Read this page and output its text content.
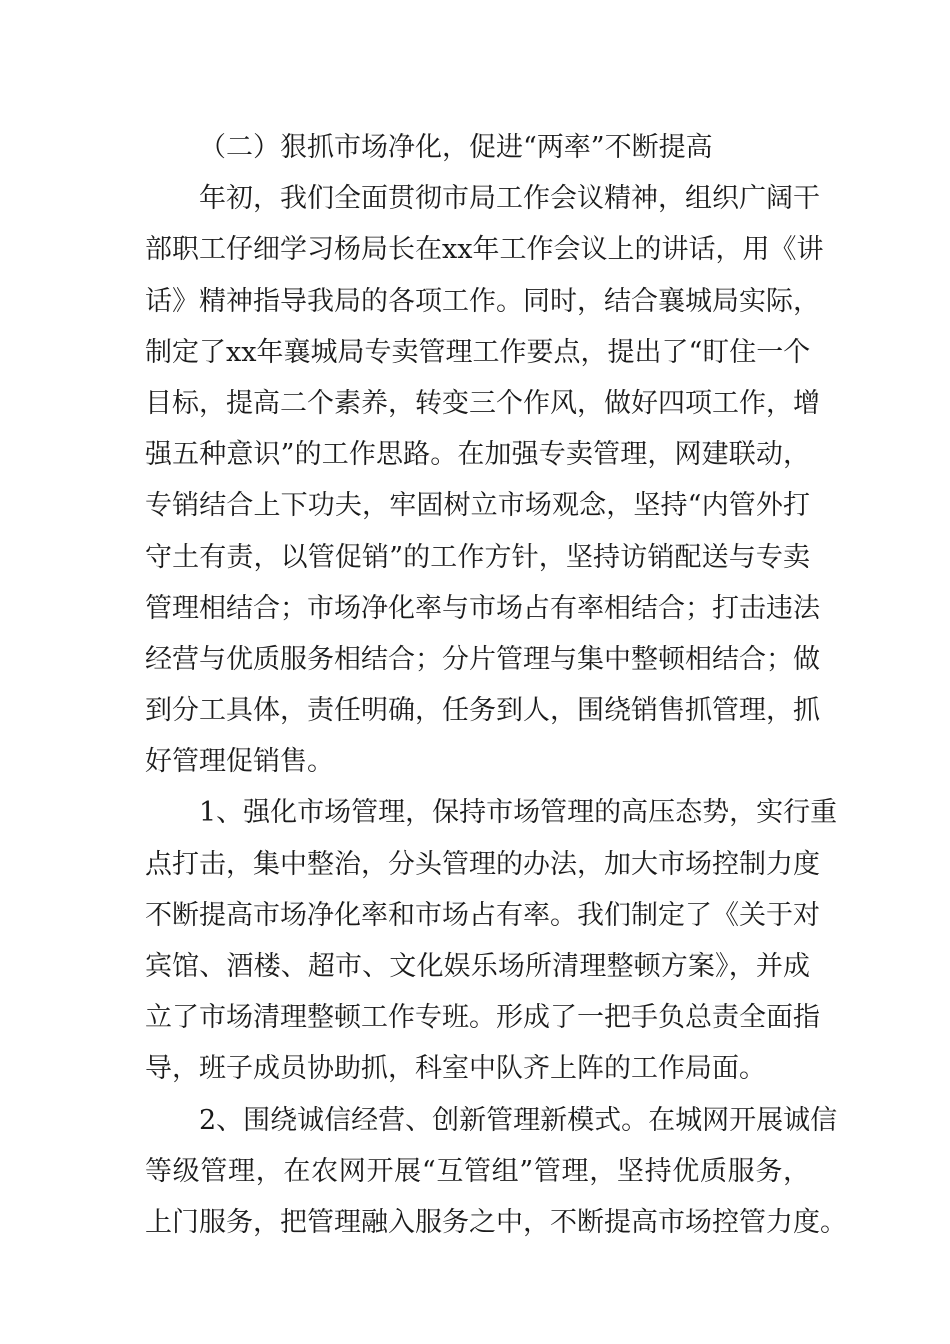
（二）狠抓市场净化，促进“两率”不断提高
年初，我们全面贯彻市局工作会议精神，组织广阔干
部职工仔细学习杨局长在xx年工作会议上的讲话，用《讲
话》精神指导我局的各项工作。同时，结合襄城局实际，
制定了xx年襄城局专卖管理工作要点，提出了“盯住一个
目标，提高二个素养，转变三个作风，做好四项工作，增
强五种意识”的工作思路。在加强专卖管理，网建联动，
专销结合上下功夫，牢固树立市场观念，坚持“内管外打
守土有责，以管促销”的工作方针，坚持访销配送与专卖
管理相结合；市场净化率与市场占有率相结合；打击违法
经营与优质服务相结合；分片管理与集中整顿相结合；做
到分工具体，责任明确，任务到人，围绕销售抓管理，抓
好管理促销售。
1、强化市场管理，保持市场管理的高压态势，实行重
点打击，集中整治，分头管理的办法，加大市场控制力度
不断提高市场净化率和市场占有率。我们制定了《关于对
宾馆、酒楼、超市、文化娱乐场所清理整顿方案》，并成
立了市场清理整顿工作专班。形成了一把手负总责全面指
导，班子成员协助抓，科室中队齐上阵的工作局面。
2、围绕诚信经营、创新管理新模式。在城网开展诚信
等级管理，在农网开展“互管组”管理，坚持优质服务，
上门服务，把管理融入服务之中，不断提高市场控管力度。
